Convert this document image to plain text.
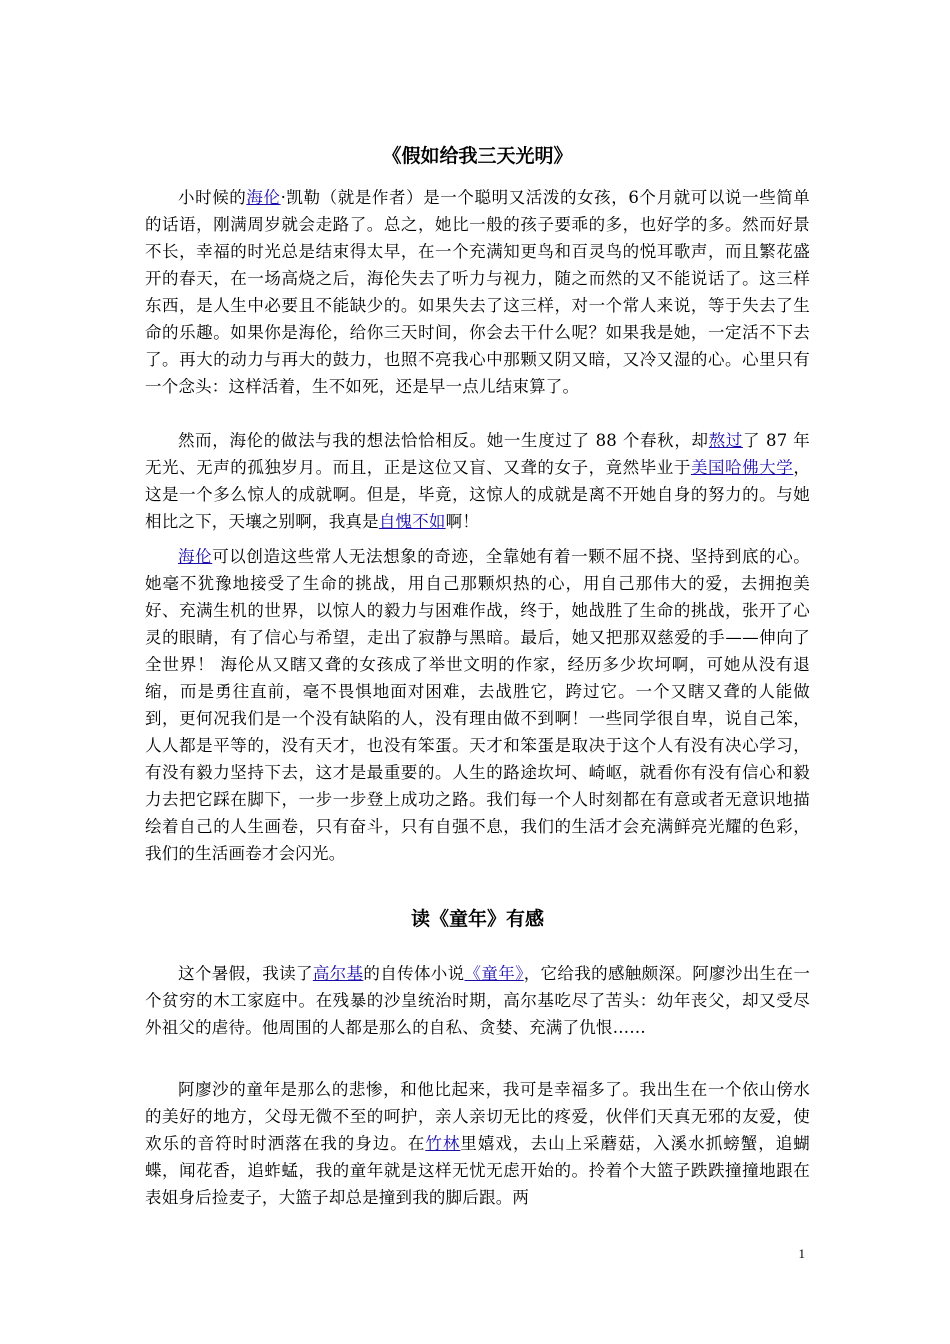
《假如给我三天光明》

小时候的海伦·凯勒（就是作者）是一个聪明又活泼的女孩，6个月就可以说一些简单的话语，刚满周岁就会走路了。总之，她比一般的孩子要乖的多，也好学的多。然而好景不长，幸福的时光总是结束得太早，在一个充满知更鸟和百灵鸟的悦耳歌声，而且繁花盛开的春天，在一场高烧之后，海伦失去了听力与视力，随之而然的又不能说话了。这三样东西，是人生中必要且不能缺少的。如果失去了这三样，对一个常人来说，等于失去了生命的乐趣。如果你是海伦，给你三天时间，你会去干什么呢？如果我是她，一定活不下去了。再大的动力与再大的鼓力，也照不亮我心中那颗又阴又暗，又冷又湿的心。心里只有一个念头：这样活着，生不如死，还是早一点儿结束算了。

然而，海伦的做法与我的想法恰恰相反。她一生度过了 88 个春秋，却熬过了 87 年无光、无声的孤独岁月。而且，正是这位又盲、又聋的女子，竟然毕业于美国哈佛大学，这是一个多么惊人的成就啊。但是，毕竟，这惊人的成就是离不开她自身的努力的。与她相比之下，天壤之别啊，我真是自愧不如啊！

海伦可以创造这些常人无法想象的奇迹，全靠她有着一颗不屈不挠、坚持到底的心。她毫不犹豫地接受了生命的挑战，用自己那颗炽热的心，用自己那伟大的爱，去拥抱美好、充满生机的世界，以惊人的毅力与困难作战，终于，她战胜了生命的挑战，张开了心灵的眼睛，有了信心与希望，走出了寂静与黑暗。最后，她又把那双慈爱的手——伸向了全世界！ 海伦从又瞎又聋的女孩成了举世文明的作家，经历多少坎坷啊，可她从没有退缩，而是勇往直前，毫不畏惧地面对困难，去战胜它，跨过它。一个又瞎又聋的人能做到，更何况我们是一个没有缺陷的人，没有理由做不到啊！一些同学很自卑，说自己笨，人人都是平等的，没有天才，也没有笨蛋。天才和笨蛋是取决于这个人有没有决心学习，有没有毅力坚持下去，这才是最重要的。人生的路途坎坷、崎岖，就看你有没有信心和毅力去把它踩在脚下，一步一步登上成功之路。我们每一个人时刻都在有意或者无意识地描绘着自己的人生画卷，只有奋斗，只有自强不息，我们的生活才会充满鲜亮光耀的色彩，我们的生活画卷才会闪光。

读《童年》有感

这个暑假，我读了高尔基的自传体小说《童年》，它给我的感触颇深。阿廖沙出生在一个贫穷的木工家庭中。在残暴的沙皇统治时期，高尔基吃尽了苦头：幼年丧父，却又受尽外祖父的虐待。他周围的人都是那么的自私、贪婪、充满了仇恨……

阿廖沙的童年是那么的悲惨，和他比起来，我可是幸福多了。我出生在一个依山傍水的美好的地方，父母无微不至的呵护，亲人亲切无比的疼爱，伙伴们天真无邪的友爱，使欢乐的音符时时洒落在我的身边。在竹林里嬉戏，去山上采蘑菇，入溪水抓螃蟹，追蝴蝶，闻花香，追蚱蜢，我的童年就是这样无忧无虑开始的。拎着个大篮子跌跌撞撞地跟在表姐身后捡麦子，大篮子却总是撞到我的脚后跟。两

1
